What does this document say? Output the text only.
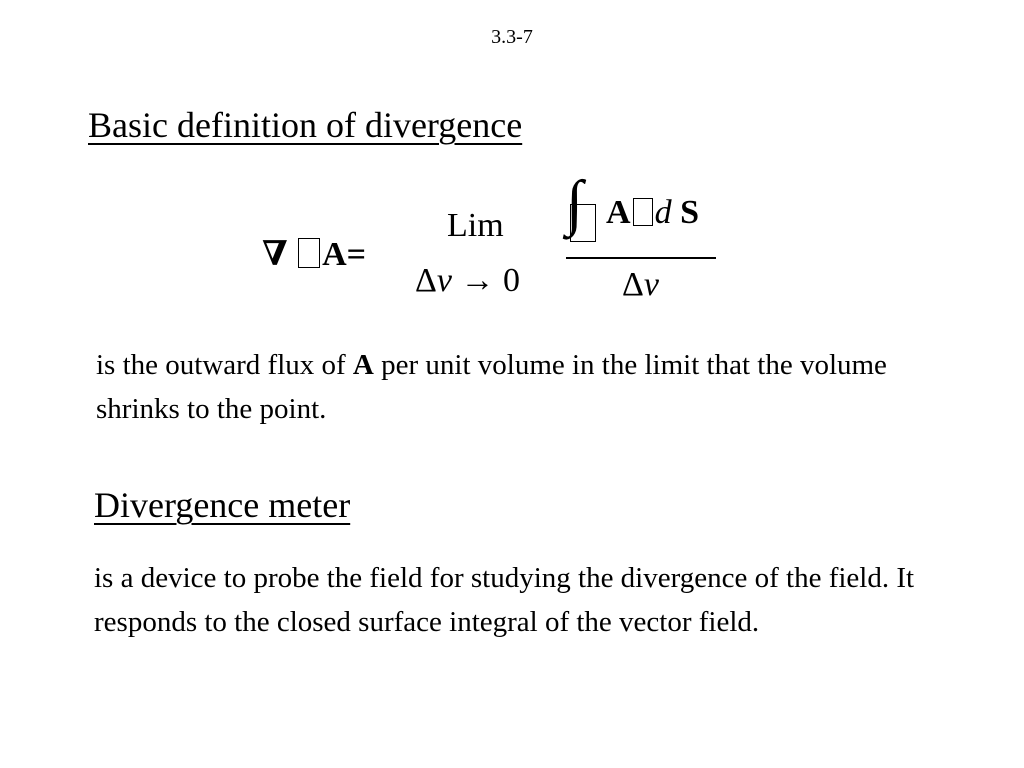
3.3-7
Basic definition of divergence
∇ A=
Lim
Δv → 0
∫ A d S
Δv
is the outward flux of A per unit volume in the limit that the volume shrinks to the point.
Divergence meter
is a device to probe the field for studying the divergence of the field. It responds to the closed surface integral of the vector field.
